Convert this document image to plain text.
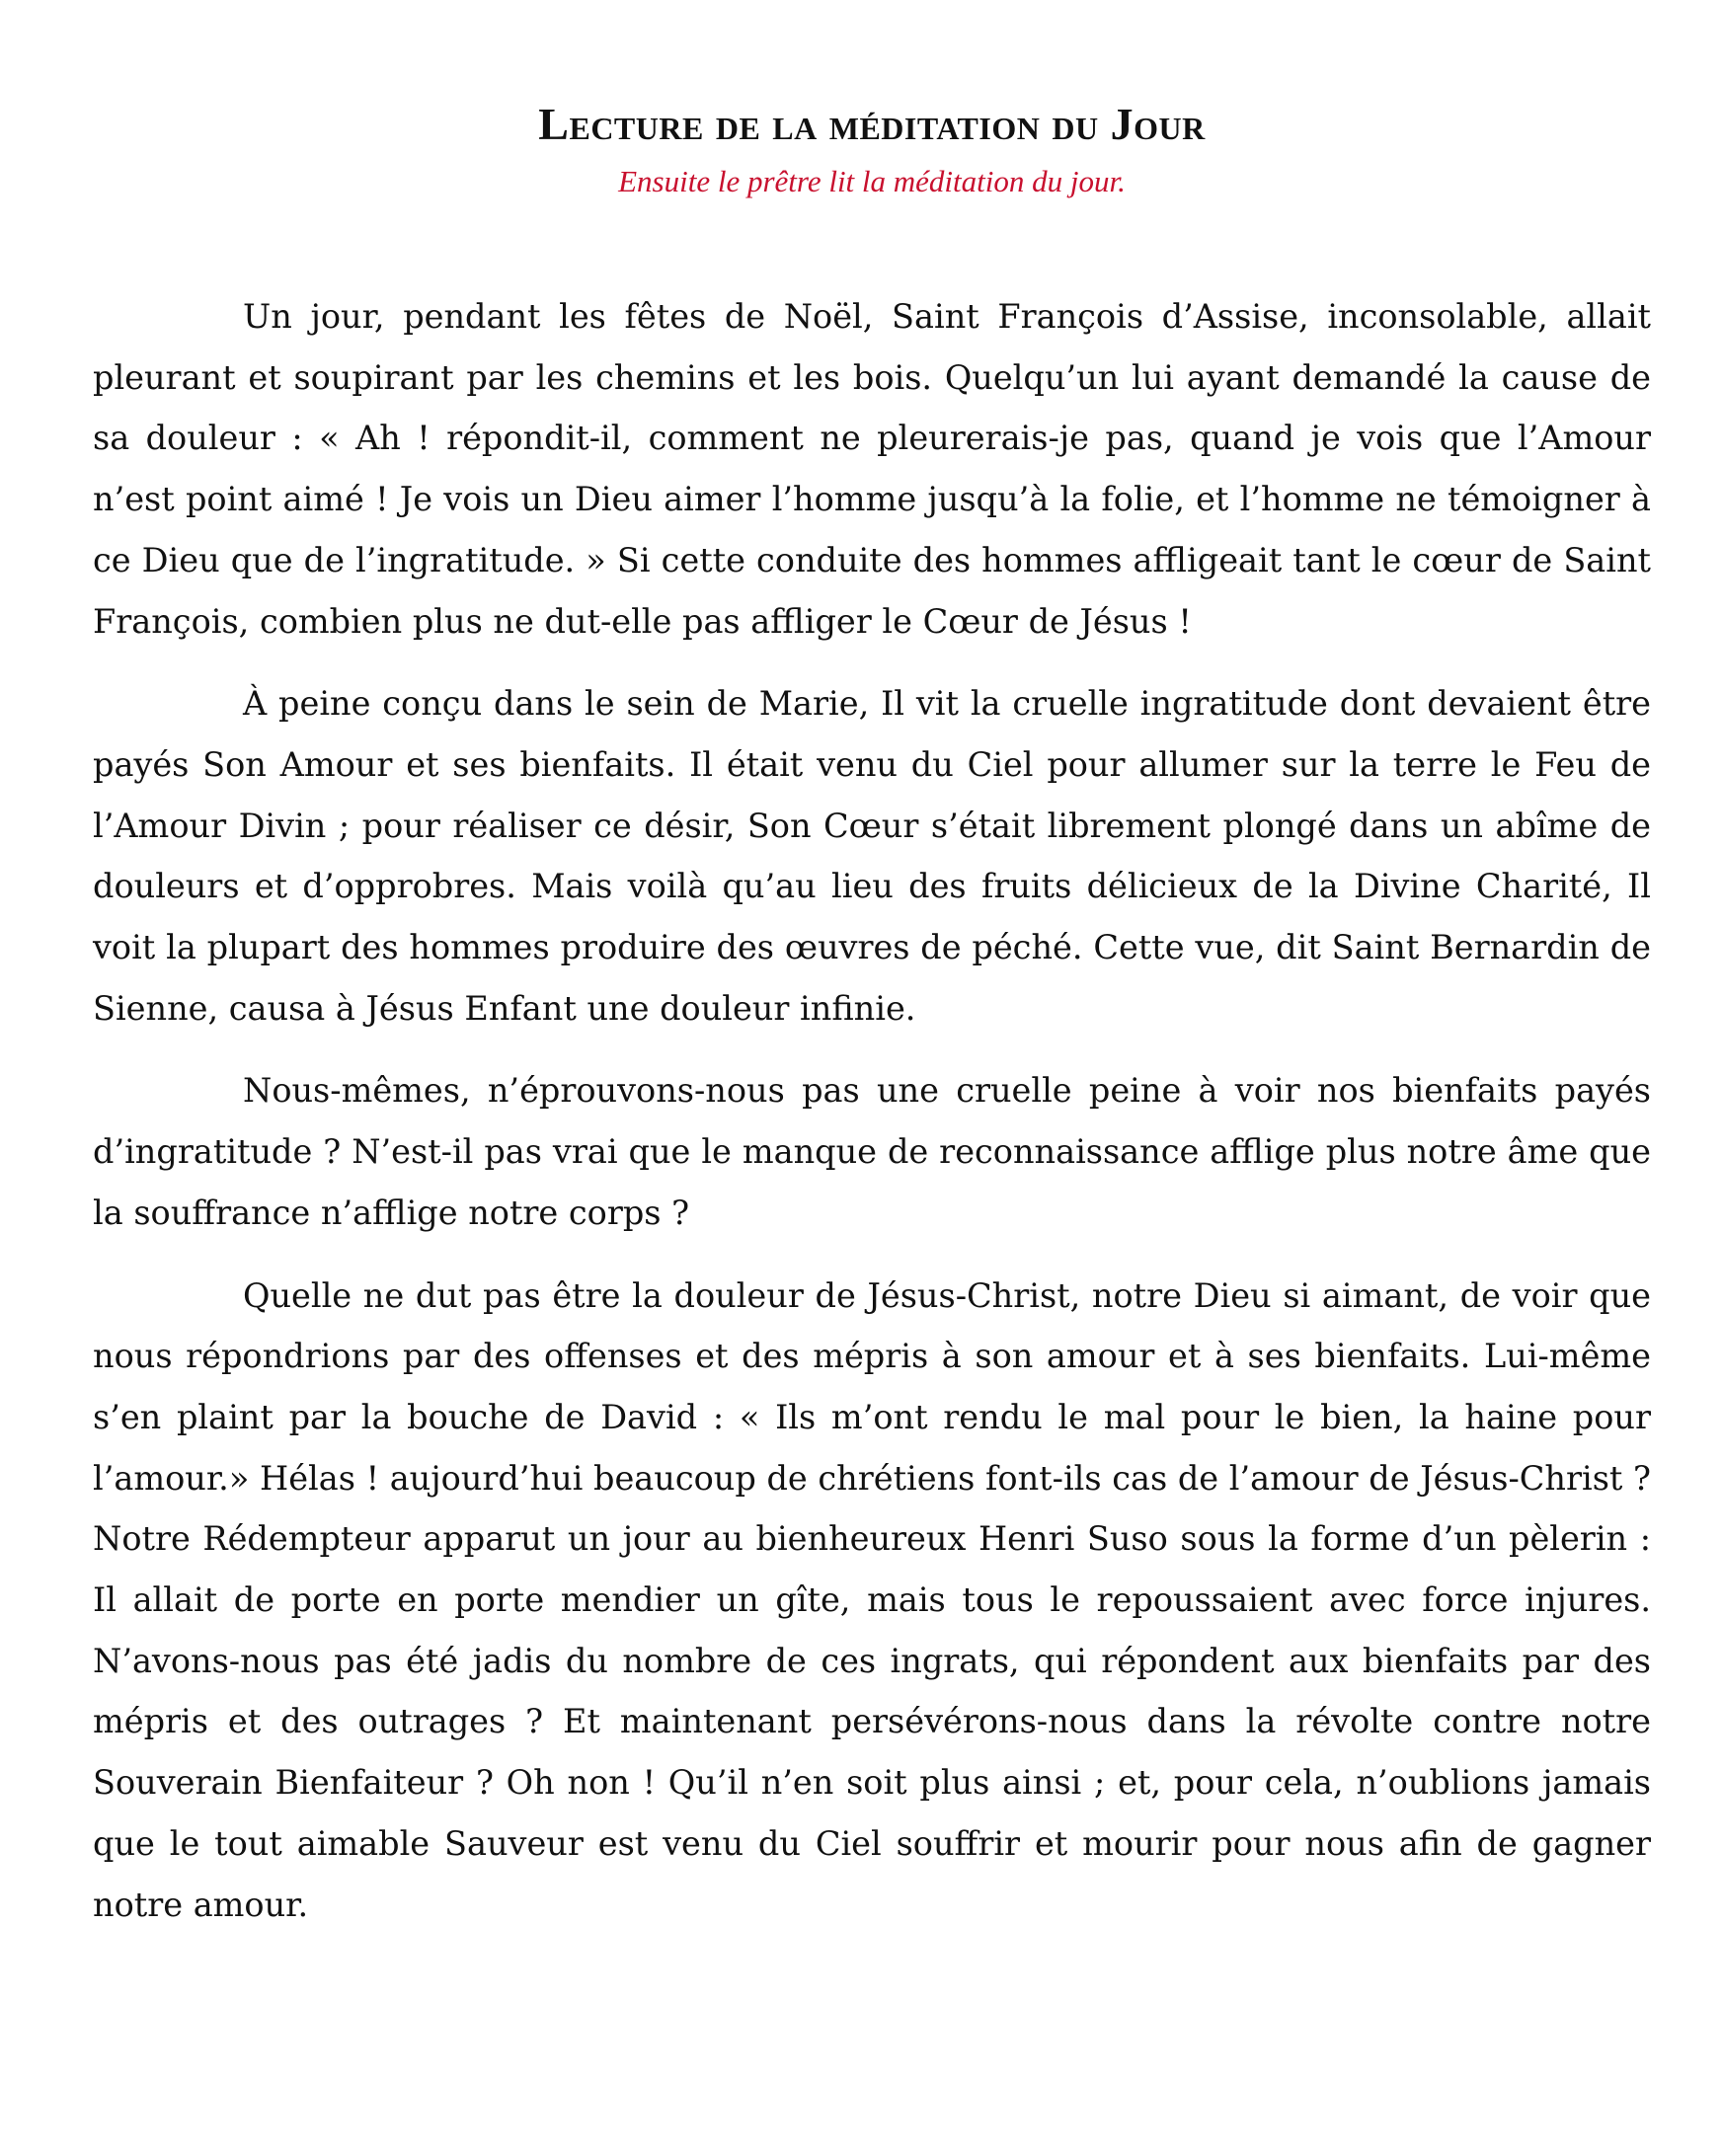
Lecture de la méditation du Jour
Ensuite le prêtre lit la méditation du jour.

Un jour, pendant les fêtes de Noël, Saint François d’Assise, inconsolable, allait pleurant et soupirant par les chemins et les bois. Quelqu’un lui ayant demandé la cause de sa douleur : « Ah ! répondit-il, comment ne pleurerais-je pas, quand je vois que l’Amour n’est point aimé ! Je vois un Dieu aimer l’homme jusqu’à la folie, et l’homme ne témoigner à ce Dieu que de l’ingratitude. » Si cette conduite des hommes affligeait tant le cœur de Saint François, combien plus ne dut-elle pas affliger le Cœur de Jésus !

À peine conçu dans le sein de Marie, Il vit la cruelle ingratitude dont devaient être payés Son Amour et ses bienfaits. Il était venu du Ciel pour allumer sur la terre le Feu de l’Amour Divin ; pour réaliser ce désir, Son Cœur s’était librement plongé dans un abîme de douleurs et d’opprobres. Mais voilà qu’au lieu des fruits délicieux de la Divine Charité, Il voit la plupart des hommes produire des œuvres de péché. Cette vue, dit Saint Bernardin de Sienne, causa à Jésus Enfant une douleur infinie.

Nous-mêmes, n’éprouvons-nous pas une cruelle peine à voir nos bienfaits payés d’ingratitude ? N’est-il pas vrai que le manque de reconnaissance afflige plus notre âme que la souffrance n’afflige notre corps ?

Quelle ne dut pas être la douleur de Jésus-Christ, notre Dieu si aimant, de voir que nous répondrions par des offenses et des mépris à son amour et à ses bienfaits. Lui-même s’en plaint par la bouche de David : « Ils m’ont rendu le mal pour le bien, la haine pour l’amour.» Hélas ! aujourd’hui beaucoup de chrétiens font-ils cas de l’amour de Jésus-Christ ? Notre Rédempteur apparut un jour au bienheureux Henri Suso sous la forme d’un pèlerin : Il allait de porte en porte mendier un gîte, mais tous le repoussaient avec force injures. N’avons-nous pas été jadis du nombre de ces ingrats, qui répondent aux bienfaits par des mépris et des outrages ? Et maintenant persévérons-nous dans la révolte contre notre Souverain Bienfaiteur ? Oh non ! Qu’il n’en soit plus ainsi ; et, pour cela, n’oublions jamais que le tout aimable Sauveur est venu du Ciel souffrir et mourir pour nous afin de gagner notre amour.
